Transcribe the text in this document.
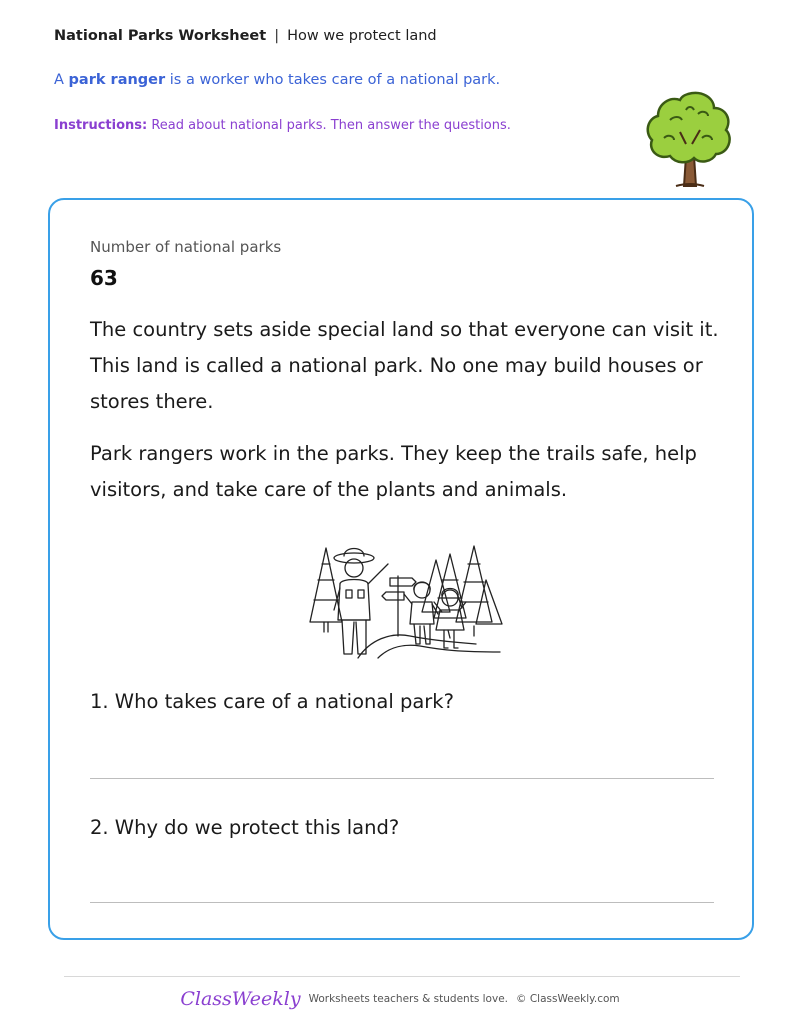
National Parks Worksheet | How we protect land
A park ranger is a worker who takes care of a national park.
Instructions: Read about national parks. Then answer the questions.
Number of national parks
63

The country sets aside special land so that everyone can visit it. This land is called a national park. No one may build houses or stores there.

Park rangers work in the parks. They keep the trails safe, help visitors, and take care of the plants and animals.

1. Who takes care of a national park?
2. Why do we protect this land?
ClassWeekly Worksheets teachers & students love. © ClassWeekly.com
